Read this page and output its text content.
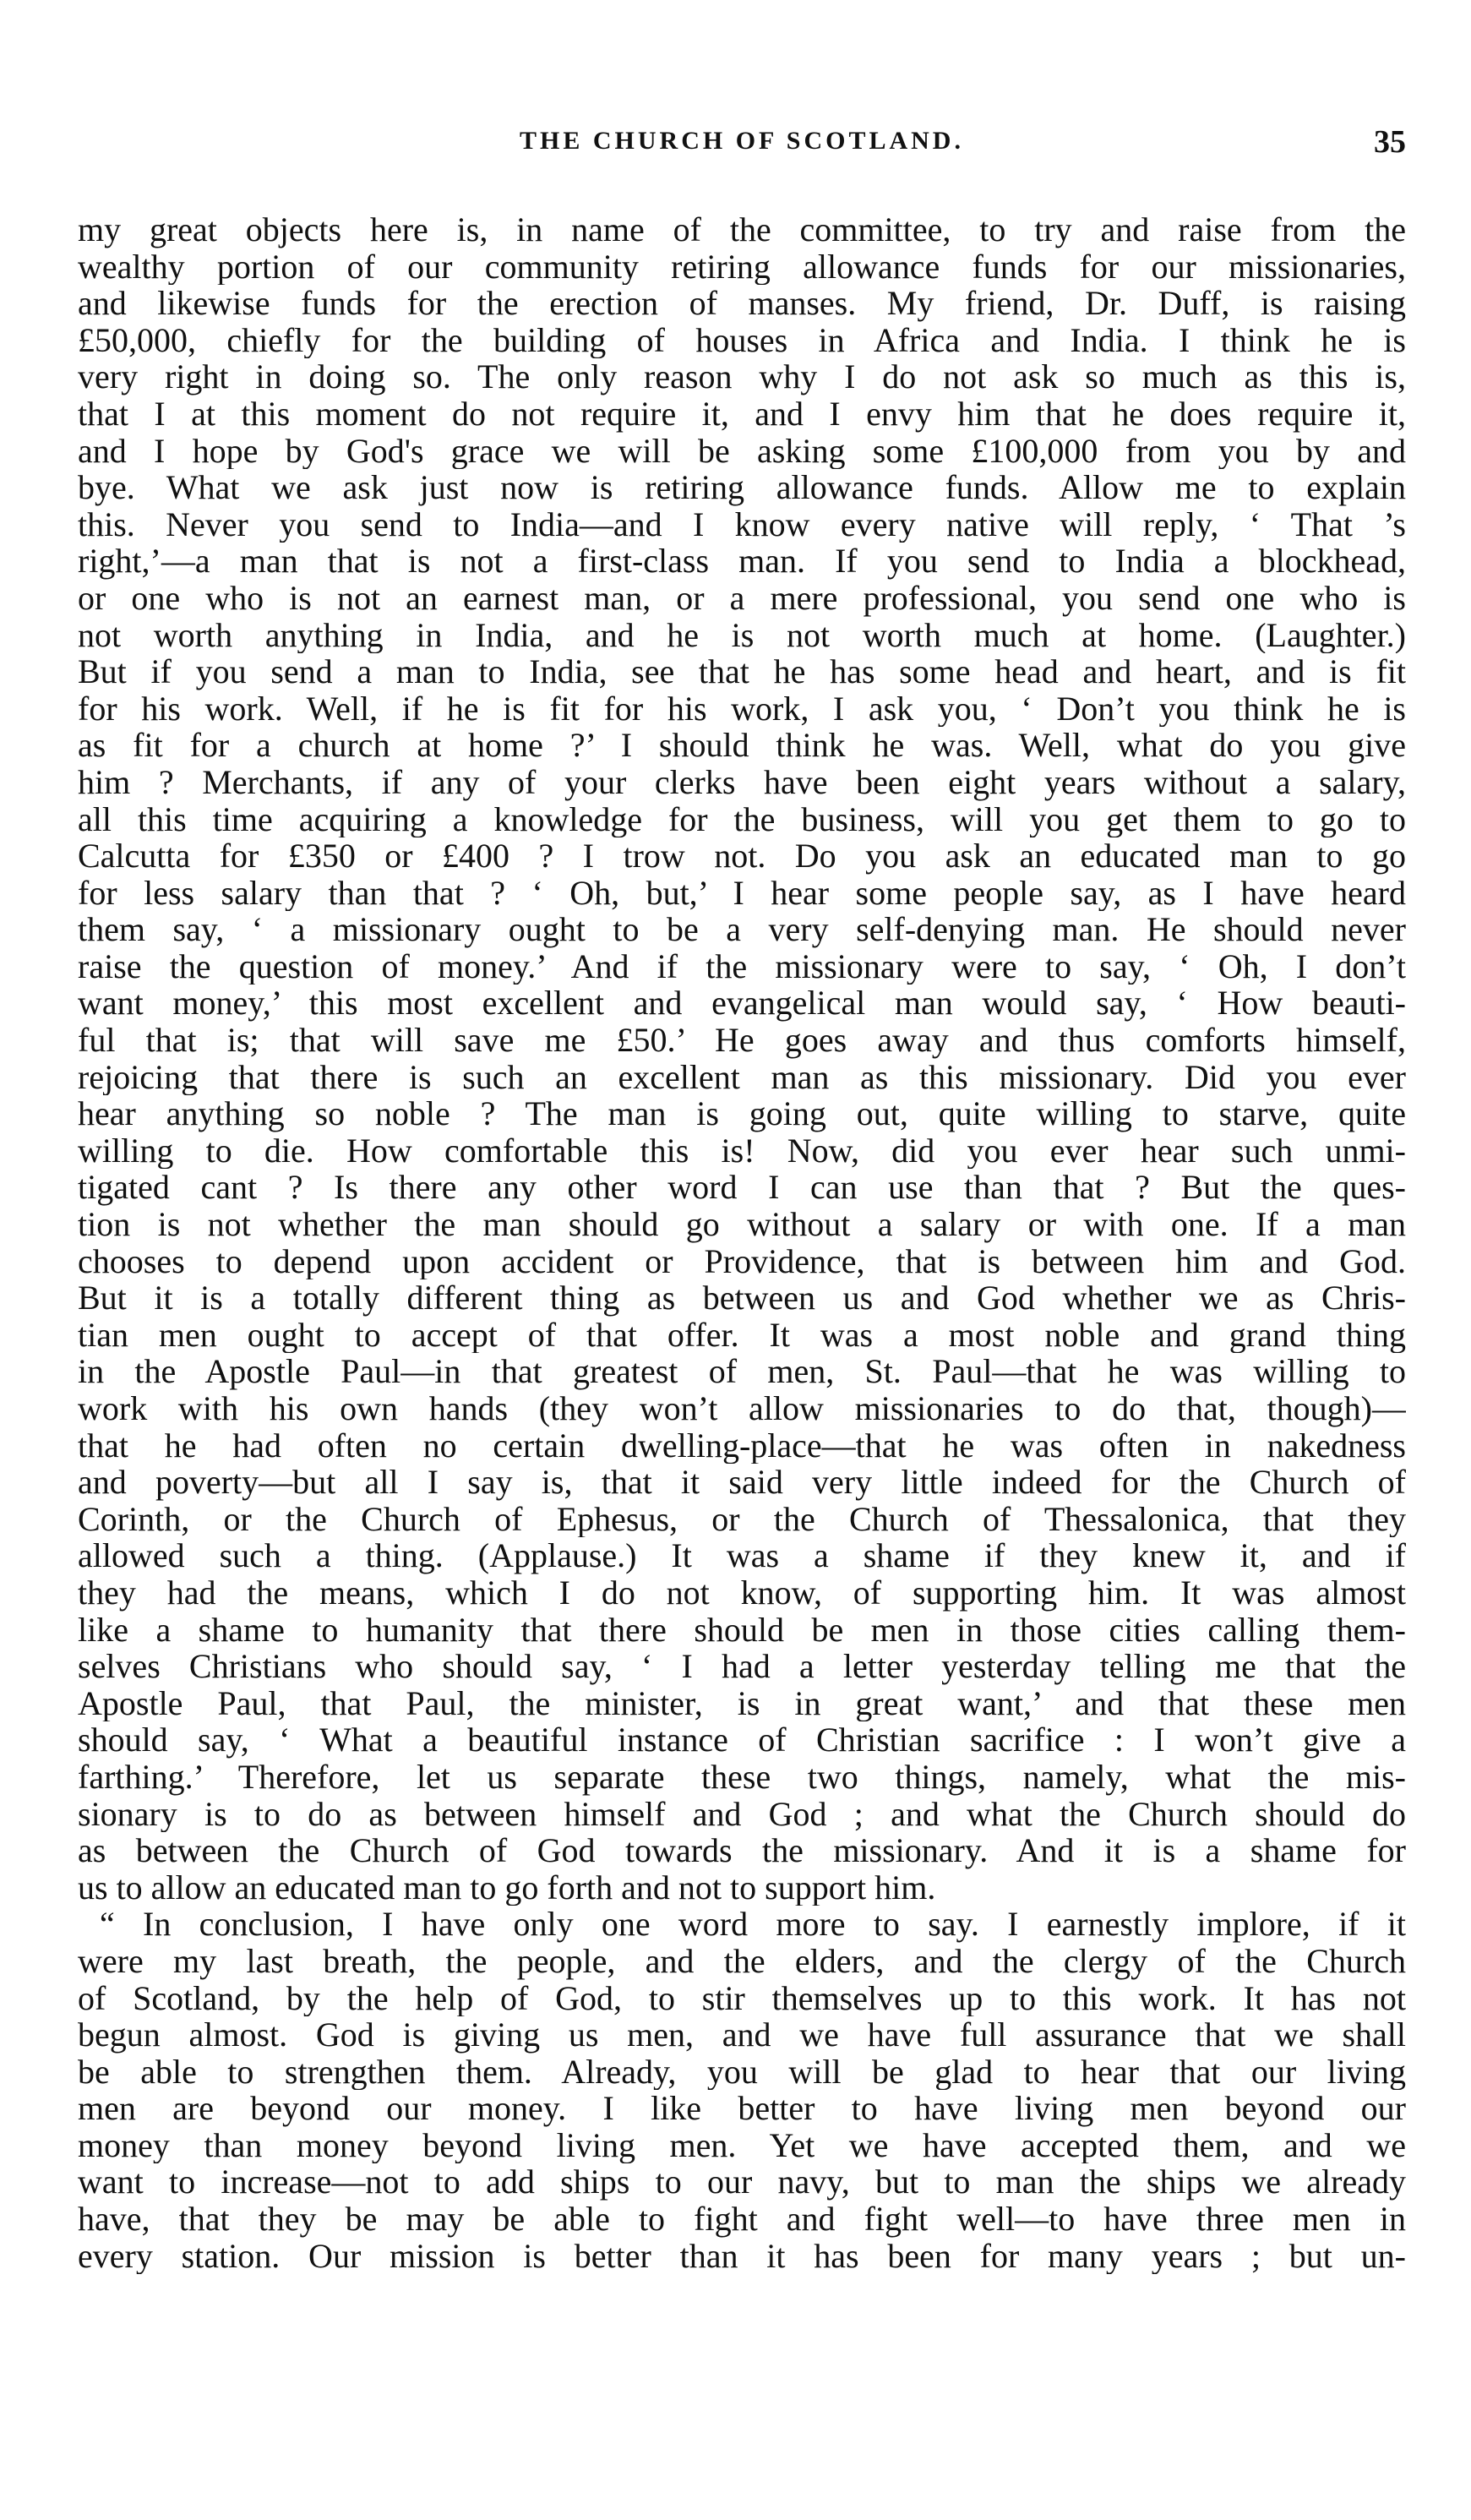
THE CHURCH OF SCOTLAND.	35
my great objects here is, in name of the committee, to try and raise from the
wealthy portion of our community retiring allowance funds for our missionaries,
and likewise funds for the erection of manses. My friend, Dr. Duff, is raising
£50,000, chiefly for the building of houses in Africa and India. I think he is
very right in doing so. The only reason why I do not ask so much as this is,
that I at this moment do not require it, and I envy him that he does require it,
and I hope by God's grace we will be asking some £100,000 from you by and
bye. What we ask just now is retiring allowance funds. Allow me to explain
this. Never you send to India—and I know every native will reply, ‘ That ’s
right,’—a man that is not a first-class man. If you send to India a blockhead,
or one who is not an earnest man, or a mere professional, you send one who is
not worth anything in India, and he is not worth much at home. (Laughter.)
But if you send a man to India, see that he has some head and heart, and is fit
for his work. Well, if he is fit for his work, I ask you, ‘ Don’t you think he is
as fit for a church at home ?’ I should think he was. Well, what do you give
him ? Merchants, if any of your clerks have been eight years without a salary,
all this time acquiring a knowledge for the business, will you get them to go to
Calcutta for £350 or £400 ? I trow not. Do you ask an educated man to go
for less salary than that ? ‘ Oh, but,’ I hear some people say, as I have heard
them say, ‘ a missionary ought to be a very self-denying man. He should never
raise the question of money.’ And if the missionary were to say, ‘ Oh, I don’t
want money,’ this most excellent and evangelical man would say, ‘ How beauti-
ful that is; that will save me £50.’ He goes away and thus comforts himself,
rejoicing that there is such an excellent man as this missionary. Did you ever
hear anything so noble ? The man is going out, quite willing to starve, quite
willing to die. How comfortable this is! Now, did you ever hear such unmi-
tigated cant ? Is there any other word I can use than that ? But the ques-
tion is not whether the man should go without a salary or with one. If a man
chooses to depend upon accident or Providence, that is between him and God.
But it is a totally different thing as between us and God whether we as Chris-
tian men ought to accept of that offer. It was a most noble and grand thing
in the Apostle Paul—in that greatest of men, St. Paul—that he was willing to
work with his own hands (they won’t allow missionaries to do that, though)—
that he had often no certain dwelling-place—that he was often in nakedness
and poverty—but all I say is, that it said very little indeed for the Church of
Corinth, or the Church of Ephesus, or the Church of Thessalonica, that they
allowed such a thing. (Applause.) It was a shame if they knew it, and if
they had the means, which I do not know, of supporting him. It was almost
like a shame to humanity that there should be men in those cities calling them-
selves Christians who should say, ‘ I had a letter yesterday telling me that the
Apostle Paul, that Paul, the minister, is in great want,’ and that these men
should say, ‘ What a beautiful instance of Christian sacrifice : I won’t give a
farthing.’ Therefore, let us separate these two things, namely, what the mis-
sionary is to do as between himself and God ; and what the Church should do
as between the Church of God towards the missionary. And it is a shame for
us to allow an educated man to go forth and not to support him.
“ In conclusion, I have only one word more to say. I earnestly implore, if it
were my last breath, the people, and the elders, and the clergy of the Church
of Scotland, by the help of God, to stir themselves up to this work. It has not
begun almost. God is giving us men, and we have full assurance that we shall
be able to strengthen them. Already, you will be glad to hear that our living
men are beyond our money. I like better to have living men beyond our
money than money beyond living men. Yet we have accepted them, and we
want to increase—not to add ships to our navy, but to man the ships we already
have, that they be may be able to fight and fight well—to have three men in
every station. Our mission is better than it has been for many years ; but un-
